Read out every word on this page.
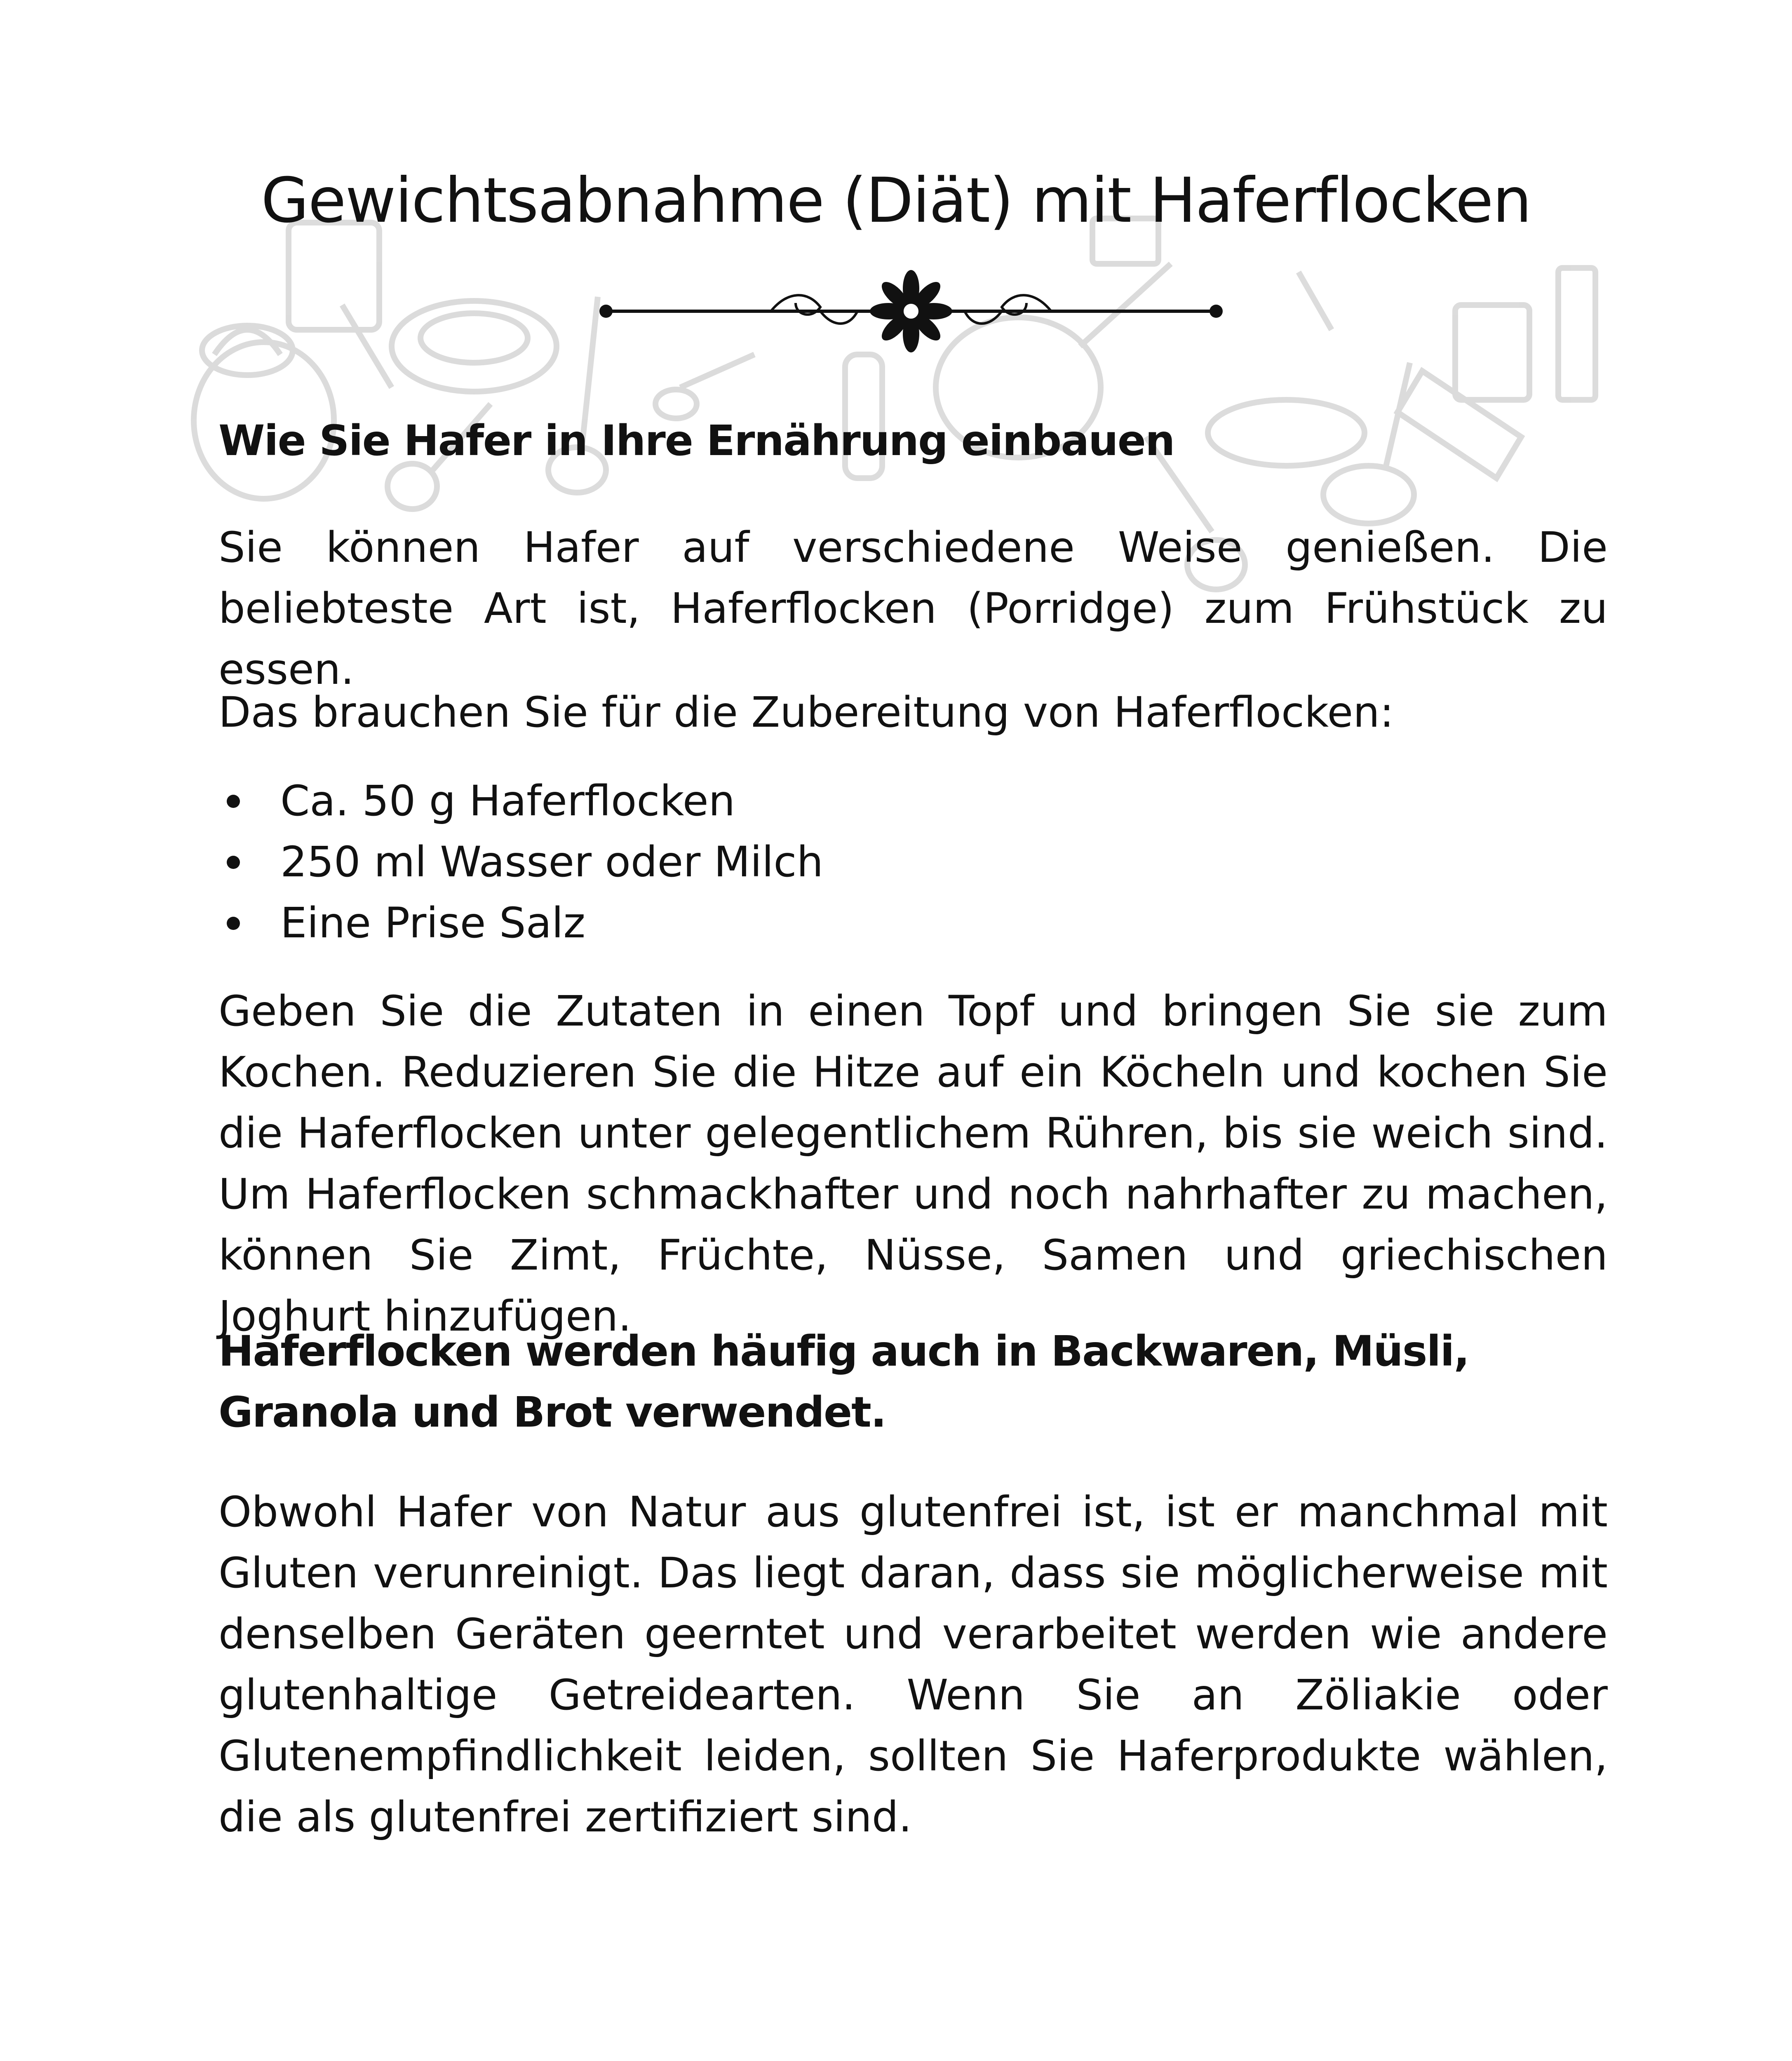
Gewichtsabnahme (Diät) mit Haferflocken
Wie Sie Hafer in Ihre Ernährung einbauen

Sie können Hafer auf verschiedene Weise genießen. Die beliebteste Art ist, Haferflocken (Porridge) zum Frühstück zu essen.

Das brauchen Sie für die Zubereitung von Haferflocken:

Ca. 50 g Haferflocken
250 ml Wasser oder Milch
Eine Prise Salz

Geben Sie die Zutaten in einen Topf und bringen Sie sie zum Kochen. Reduzieren Sie die Hitze auf ein Köcheln und kochen Sie die Haferflocken unter gelegentlichem Rühren, bis sie weich sind. Um Haferflocken schmackhafter und noch nahrhafter zu machen, können Sie Zimt, Früchte, Nüsse, Samen und griechischen Joghurt hinzufügen.

Haferflocken werden häufig auch in Backwaren, Müsli, Granola und Brot verwendet.

Obwohl Hafer von Natur aus glutenfrei ist, ist er manchmal mit Gluten verunreinigt. Das liegt daran, dass sie möglicherweise mit denselben Geräten geerntet und verarbeitet werden wie andere glutenhaltige Getreidearten. Wenn Sie an Zöliakie oder Glutenempfindlichkeit leiden, sollten Sie Haferprodukte wählen, die als glutenfrei zertifiziert sind.
